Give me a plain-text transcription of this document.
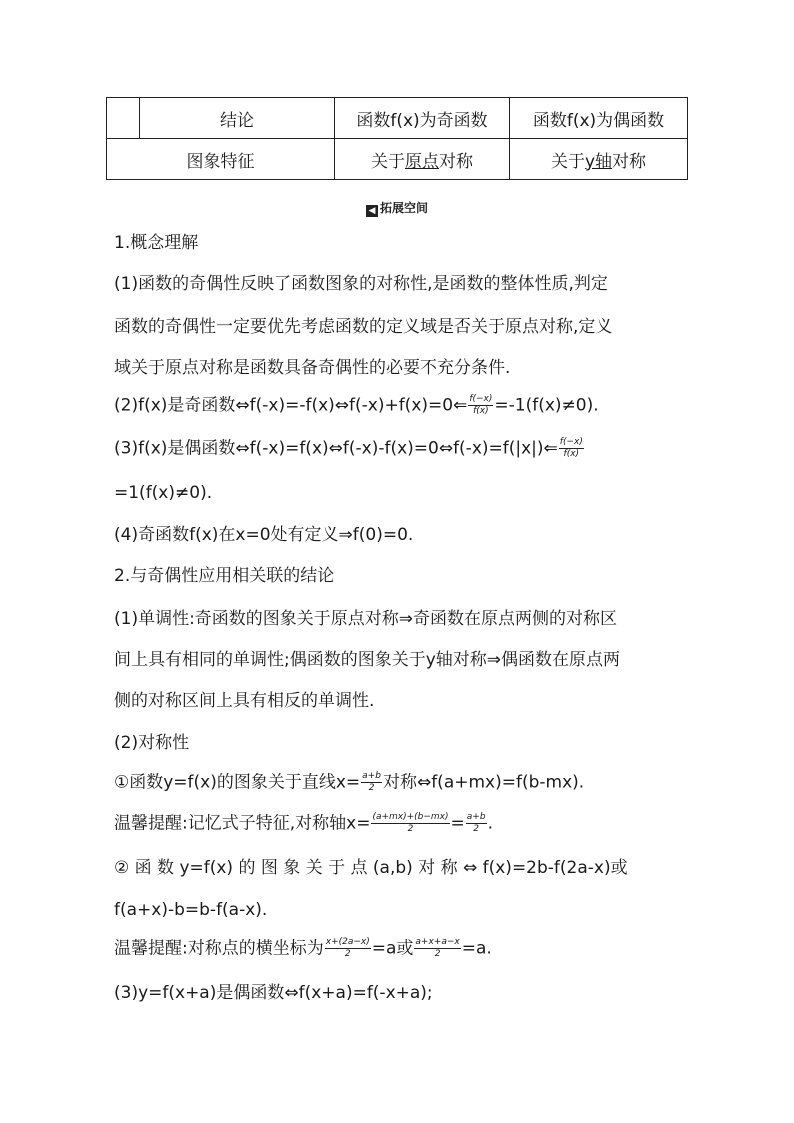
	结论	函数f(x)为奇函数	函数f(x)为偶函数
图象特征		关于原点对称	关于y轴对称
◀ 拓展空间
1.概念理解
(1)函数的奇偶性反映了函数图象的对称性,是函数的整体性质,判定
函数的奇偶性一定要优先考虑函数的定义域是否关于原点对称,定义
域关于原点对称是函数具备奇偶性的必要不充分条件.
(2)f(x)是奇函数⇔f(-x)=-f(x)⇔f(-x)+f(x)=0⇐ $\frac{f(-x)}{f(x)} =-1(f(x)\ne 0)$.
(3)f(x)是偶函数⇔f(-x)=f(x)⇔f(-x)-f(x)=0⇔f(-x)=f(|x|)⇐ $\frac{f(-x)}{f(x)}$
=1(f(x)≠0).
(4)奇函数f(x)在x=0处有定义⇒f(0)=0.
2.与奇偶性应用相关联的结论
(1)单调性:奇函数的图象关于原点对称⇒奇函数在原点两侧的对称区
间上具有相同的单调性;偶函数的图象关于y轴对称⇒偶函数在原点两
侧的对称区间上具有相反的单调性.
(2)对称性
①函数y=f(x)的图象关于直线$x= \frac{a+b}{2}$ 对称⇔f(a+mx)=f(b-mx).
温馨提醒:记忆式子特征,对称轴$x= \frac{(a+mx)+(b-mx)}{2} = \frac{a+b}{2}$ .
② 函 数 y=f(x) 的 图 象 关 于 点 (a,b) 对 称 ⇔ f(x)=2b-f(2a-x)或
f(a+x)-b=b-f(a-x).
温馨提醒:对称点的横坐标为 $\frac{x+(2a-x)}{2} =a$或 $\frac{a+x+a-x}{2} =a$.
(3)y=f(x+a)是偶函数⇔f(x+a)=f(-x+a);
